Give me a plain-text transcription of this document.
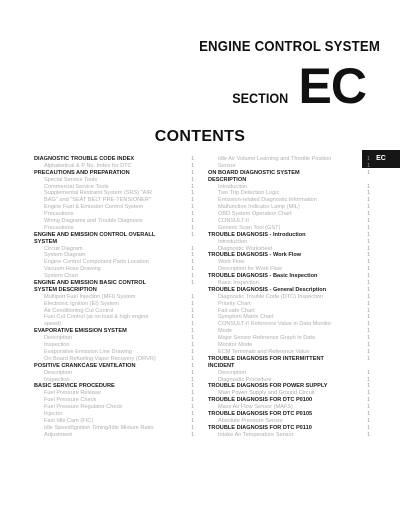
ENGINE CONTROL SYSTEM
SECTION EC
CONTENTS
EC
DIAGNOSTIC TROUBLE CODE INDEX	1
Alphabetical & P No. Index for DTC	1
PRECAUTIONS AND PREPARATION	1
Special Service Tools	1
Commercial Service Tools	1
Supplemental Restraint System (SRS) "AIR	1
BAG" and "SEAT BELT PRE-TENSIONER"	1
Engine Fuel & Emission Control System	1
Precautions	1
Wiring Diagrams and Trouble Diagnosis	1
Precautions	1
ENGINE AND EMISSION CONTROL OVERALL	1
SYSTEM
Circuit Diagram	1
System Diagram	1
Engine Control Component Parts Location	1
Vacuum Hose Drawing	1
System Chart	1
ENGINE AND EMISSION BASIC CONTROL	1
SYSTEM DESCRIPTION
Multiport Fuel Injection (MFI) System	1
Electronic Ignition (EI) System	1
Air Conditioning Cut Control	1
Fuel Cut Control (at no load & high engine	1
speed)	1
EVAPORATIVE EMISSION SYSTEM	1
Description	1
Inspection	1
Evaporative Emission Line Drawing	1
On Board Refueling Vapor Recovery (ORVR)	1
POSITIVE CRANKCASE VENTILATION	1
Description	1
Inspection	1
BASIC SERVICE PROCEDURE	1
Fuel Pressure Release	1
Fuel Pressure Check	1
Fuel Pressure Regulator Check	1
Injector	1
Fast Idle Cam (FIC)	1
Idle Speed/Ignition Timing/Idle Mixture Ratio	1
Adjustment	1
Idle Air Volume Learning and Throttle Position	1
Sensor	1
ON BOARD DIAGNOSTIC SYSTEM	1
DESCRIPTION
Introduction	1
Two Trip Detection Logic	1
Emission-related Diagnostic Information	1
Malfunction Indicator Lamp (MIL)	1
OBD System Operation Chart	1
CONSULT-II	1
Generic Scan Tool (GST)	1
TROUBLE DIAGNOSIS - Introduction	1
Introduction	1
Diagnostic Worksheet	1
TROUBLE DIAGNOSIS - Work Flow	1
Work Flow	1
Description for Work Flow	1
TROUBLE DIAGNOSIS - Basic Inspection	1
Basic Inspection	1
TROUBLE DIAGNOSIS - General Description	1
Diagnostic Trouble Code (DTC) Inspection	1
Priority Chart	1
Fail-safe Chart	1
Symptom Matrix Chart	1
CONSULT-II Reference Value in Data Monitor	1
Mode	1
Major Sensor Reference Graph in Data	1
Monitor Mode	1
ECM Terminals and Reference Value	1
TROUBLE DIAGNOSIS FOR INTERMITTENT	1
INCIDENT
Description	1
Diagnostic Procedure	1
TROUBLE DIAGNOSIS FOR POWER SUPPLY	1
Main Power Supply and Ground Circuit	1
TROUBLE DIAGNOSIS FOR DTC P0100	1
Mass Air Flow Sensor (MAFS)	1
TROUBLE DIAGNOSIS FOR DTC P0105	1
Absolute Pressure Sensor	1
TROUBLE DIAGNOSIS FOR DTC P0110	1
Intake Air Temperature Sensor	1
